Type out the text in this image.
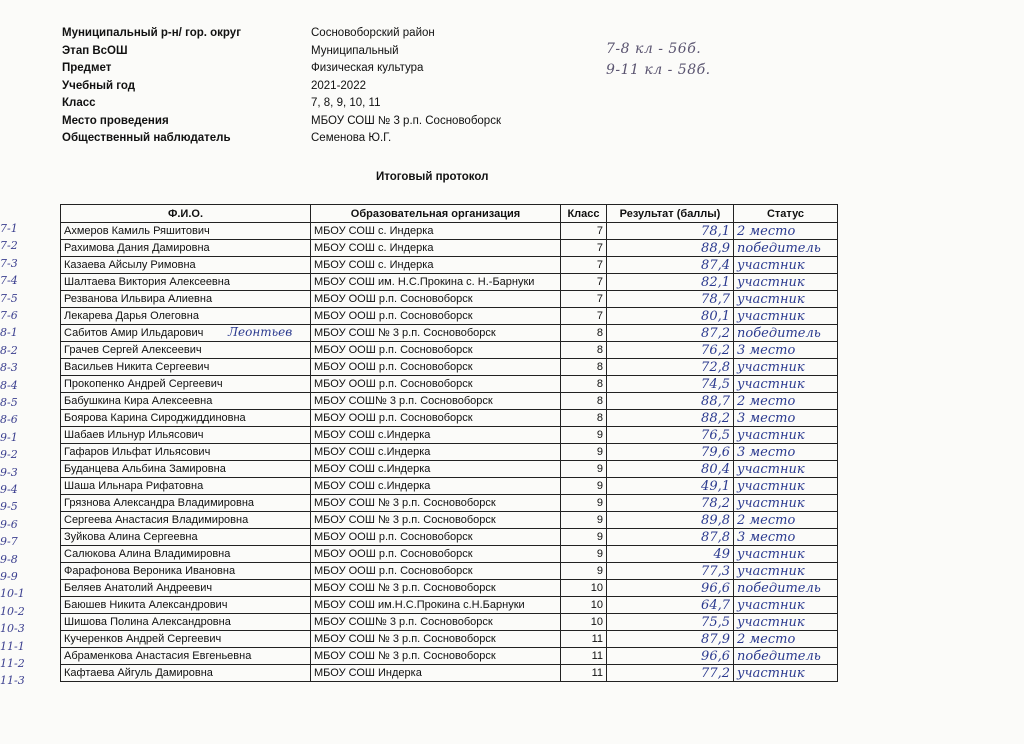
Муниципальный р-н/ гор. округ	Сосновоборский район
Этап ВсОШ	Муниципальный
Предмет	Физическая культура
Учебный год	2021-2022
Класс	7, 8, 9, 10, 11
Место проведения	МБОУ СОШ № 3 р.п. Сосновоборск
Общественный наблюдатель	Семенова Ю.Г.
7-8 кл - 56б.
9-11 кл - 58б.
Итоговый протокол
7-1
7-2
7-3
7-4
7-5
7-6
8-1
8-2
8-3
8-4
8-5
8-6
9-1
9-2
9-3
9-4
9-5
9-6
9-7
9-8
9-9
10-1
10-2
10-3
11-1
11-2
11-3
Ф.И.О.	Образовательная организация	Класс	Результат (баллы)	Статус
Ахмеров Камиль Ряшитович	МБОУ СОШ с. Индерка	7	78,1	2 место
Рахимова Дания Дамировна	МБОУ СОШ с. Индерка	7	88,9	победитель
Казаева Айсылу Римовна	МБОУ СОШ с. Индерка	7	87,4	участник
Шалтаева Виктория Алексеевна	МБОУ СОШ им. Н.С.Прокина с. Н.-Барнуки	7	82,1	участник
Резванова Ильвира Алиевна	МБОУ ООШ р.п. Сосновоборск	7	78,7	участник
Лекарева Дарья Олеговна	МБОУ ООШ р.п. Сосновоборск	7	80,1	участник
Сабитов Амир Ильдарович	МБОУ СОШ № 3 р.п. Сосновоборск	8	87,2	победитель
Грачев Сергей Алексеевич	МБОУ ООШ р.п. Сосновоборск	8	76,2	3 место
Васильев Никита Сергеевич	МБОУ ООШ р.п. Сосновоборск	8	72,8	участник
Прокопенко Андрей Сергеевич	МБОУ ООШ р.п. Сосновоборск	8	74,5	участник
Бабушкина Кира Алексеевна	МБОУ СОШ№ 3 р.п. Сосновоборск	8	88,7	2 место
Боярова Карина Сироджиддиновна	МБОУ ООШ р.п. Сосновоборск	8	88,2	3 место
Шабаев Ильнур Ильясович	МБОУ СОШ с.Индерка	9	76,5	участник
Гафаров Ильфат Ильясович	МБОУ СОШ с.Индерка	9	79,6	3 место
Буданцева Альбина Замировна	МБОУ СОШ с.Индерка	9	80,4	участник
Шаша Ильнара Рифатовна	МБОУ СОШ с.Индерка	9	49,1	участник
Грязнова Александра Владимировна	МБОУ СОШ № 3 р.п. Сосновоборск	9	78,2	участник
Сергеева Анастасия Владимировна	МБОУ СОШ № 3 р.п. Сосновоборск	9	89,8	2 место
Зуйкова Алина Сергеевна	МБОУ ООШ р.п. Сосновоборск	9	87,8	3 место
Салюкова Алина Владимировна	МБОУ ООШ р.п. Сосновоборск	9	49	участник
Фарафонова Вероника Ивановна	МБОУ ООШ р.п. Сосновоборск	9	77,3	участник
Беляев Анатолий Андреевич	МБОУ СОШ № 3 р.п. Сосновоборск	10	96,6	победитель
Баюшев Никита Александрович	МБОУ СОШ им.Н.С.Прокина с.Н.Барнуки	10	64,7	участник
Шишова Полина Александровна	МБОУ СОШ№ 3 р.п. Сосновоборск	10	75,5	участник
Кучеренков Андрей Сергеевич	МБОУ СОШ № 3 р.п. Сосновоборск	11	87,9	2 место
Абраменкова Анастасия Евгеньевна	МБОУ СОШ № 3 р.п. Сосновоборск	11	96,6	победитель
Кафтаева Айгуль Дамировна	МБОУ СОШ Индерка	11	77,2	участник
Леонтьев
